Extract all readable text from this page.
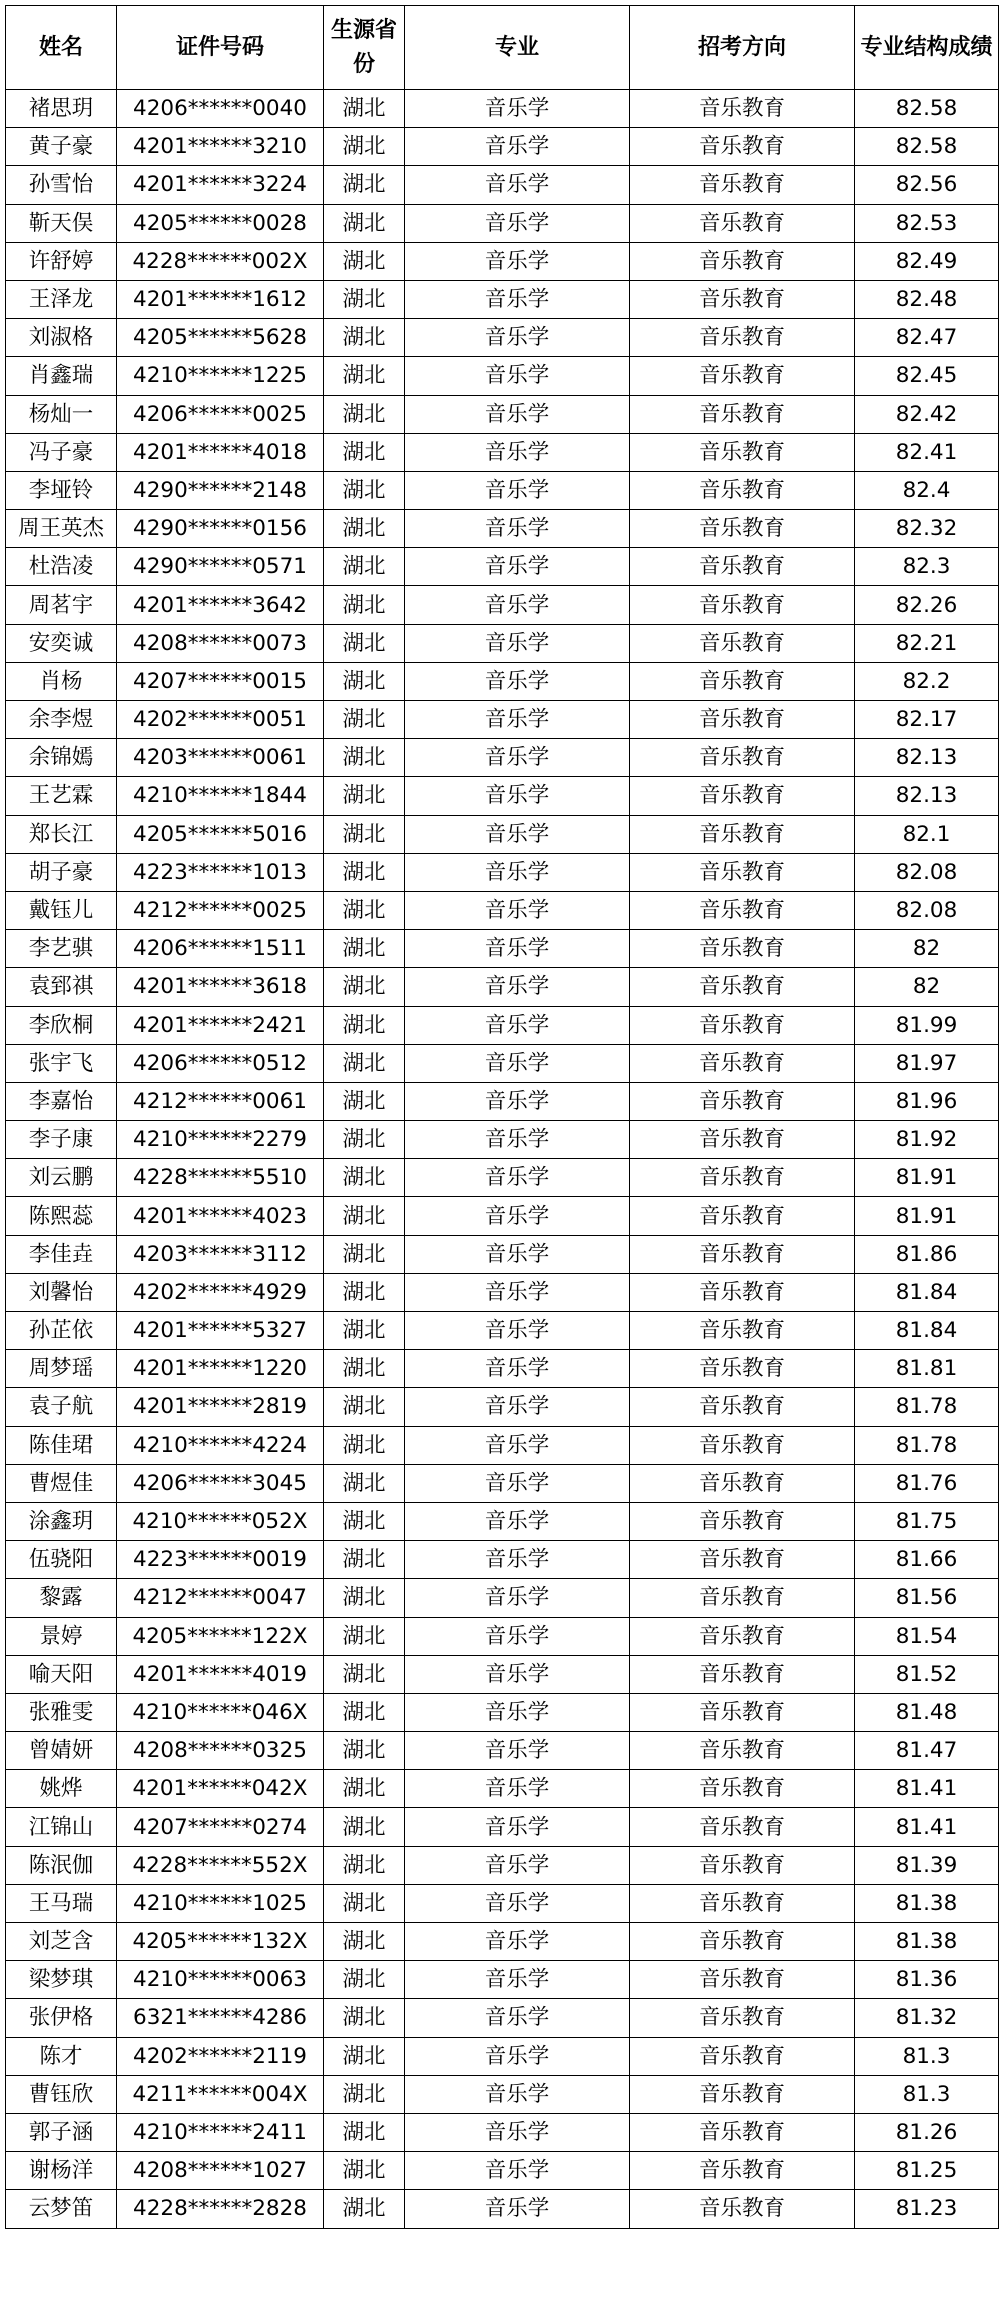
姓名	证件号码	生源省份	专业	招考方向	专业结构成绩
褚思玥	4206******0040	湖北	音乐学	音乐教育	82.58
黄子豪	4201******3210	湖北	音乐学	音乐教育	82.58
孙雪怡	4201******3224	湖北	音乐学	音乐教育	82.56
靳天俣	4205******0028	湖北	音乐学	音乐教育	82.53
许舒婷	4228******002X	湖北	音乐学	音乐教育	82.49
王泽龙	4201******1612	湖北	音乐学	音乐教育	82.48
刘淑格	4205******5628	湖北	音乐学	音乐教育	82.47
肖鑫瑞	4210******1225	湖北	音乐学	音乐教育	82.45
杨灿一	4206******0025	湖北	音乐学	音乐教育	82.42
冯子豪	4201******4018	湖北	音乐学	音乐教育	82.41
李垭铃	4290******2148	湖北	音乐学	音乐教育	82.4
周王英杰	4290******0156	湖北	音乐学	音乐教育	82.32
杜浩凌	4290******0571	湖北	音乐学	音乐教育	82.3
周茗宇	4201******3642	湖北	音乐学	音乐教育	82.26
安奕诚	4208******0073	湖北	音乐学	音乐教育	82.21
肖杨	4207******0015	湖北	音乐学	音乐教育	82.2
余李煜	4202******0051	湖北	音乐学	音乐教育	82.17
余锦嫣	4203******0061	湖北	音乐学	音乐教育	82.13
王艺霖	4210******1844	湖北	音乐学	音乐教育	82.13
郑长江	4205******5016	湖北	音乐学	音乐教育	82.1
胡子豪	4223******1013	湖北	音乐学	音乐教育	82.08
戴钰儿	4212******0025	湖北	音乐学	音乐教育	82.08
李艺骐	4206******1511	湖北	音乐学	音乐教育	82
袁郅祺	4201******3618	湖北	音乐学	音乐教育	82
李欣桐	4201******2421	湖北	音乐学	音乐教育	81.99
张宇飞	4206******0512	湖北	音乐学	音乐教育	81.97
李嘉怡	4212******0061	湖北	音乐学	音乐教育	81.96
李子康	4210******2279	湖北	音乐学	音乐教育	81.92
刘云鹏	4228******5510	湖北	音乐学	音乐教育	81.91
陈熙蕊	4201******4023	湖北	音乐学	音乐教育	81.91
李佳垚	4203******3112	湖北	音乐学	音乐教育	81.86
刘馨怡	4202******4929	湖北	音乐学	音乐教育	81.84
孙芷依	4201******5327	湖北	音乐学	音乐教育	81.84
周梦瑶	4201******1220	湖北	音乐学	音乐教育	81.81
袁子航	4201******2819	湖北	音乐学	音乐教育	81.78
陈佳珺	4210******4224	湖北	音乐学	音乐教育	81.78
曹煜佳	4206******3045	湖北	音乐学	音乐教育	81.76
涂鑫玥	4210******052X	湖北	音乐学	音乐教育	81.75
伍骁阳	4223******0019	湖北	音乐学	音乐教育	81.66
黎露	4212******0047	湖北	音乐学	音乐教育	81.56
景婷	4205******122X	湖北	音乐学	音乐教育	81.54
喻天阳	4201******4019	湖北	音乐学	音乐教育	81.52
张雅雯	4210******046X	湖北	音乐学	音乐教育	81.48
曾婧妍	4208******0325	湖北	音乐学	音乐教育	81.47
姚烨	4201******042X	湖北	音乐学	音乐教育	81.41
江锦山	4207******0274	湖北	音乐学	音乐教育	81.41
陈泯伽	4228******552X	湖北	音乐学	音乐教育	81.39
王马瑞	4210******1025	湖北	音乐学	音乐教育	81.38
刘芝含	4205******132X	湖北	音乐学	音乐教育	81.38
梁梦琪	4210******0063	湖北	音乐学	音乐教育	81.36
张伊格	6321******4286	湖北	音乐学	音乐教育	81.32
陈才	4202******2119	湖北	音乐学	音乐教育	81.3
曹钰欣	4211******004X	湖北	音乐学	音乐教育	81.3
郭子涵	4210******2411	湖北	音乐学	音乐教育	81.26
谢杨洋	4208******1027	湖北	音乐学	音乐教育	81.25
云梦笛	4228******2828	湖北	音乐学	音乐教育	81.23
